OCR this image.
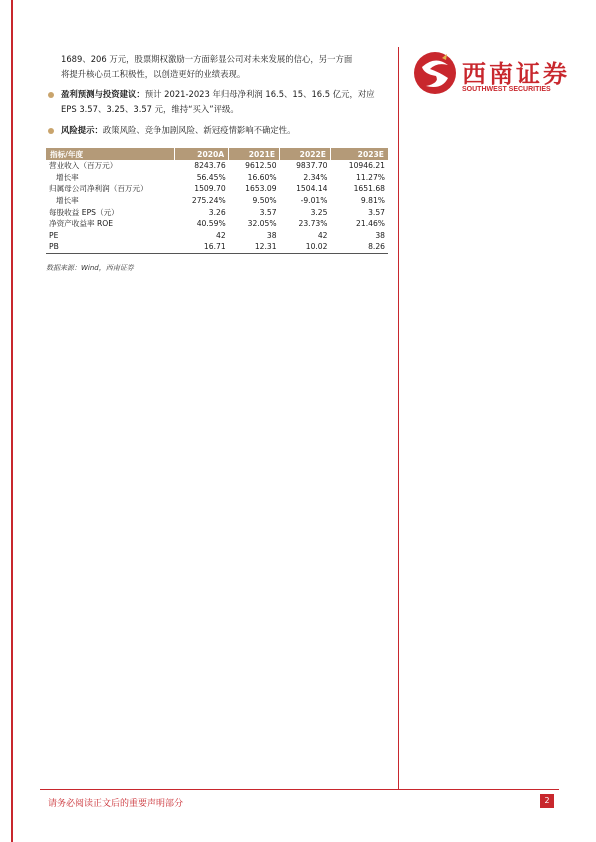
西南证券
SOUTHWEST SECURITIES
1689、206 万元，股票期权激励一方面彰显公司对未来发展的信心，另一方面
将提升核心员工积极性，以创造更好的业绩表现。
盈利预测与投资建议：预计 2021-2023 年归母净利润 16.5、15、16.5 亿元，对应 EPS 3.57、3.25、3.57 元，维持“买入”评级。
风险提示：政策风险、竞争加剧风险、新冠疫情影响不确定性。
指标/年度	2020A	2021E	2022E	2023E
营业收入（百万元）	8243.76	9612.50	9837.70	10946.21
增长率	56.45%	16.60%	2.34%	11.27%
归属母公司净利润（百万元）	1509.70	1653.09	1504.14	1651.68
增长率	275.24%	9.50%	-9.01%	9.81%
每股收益 EPS（元）	3.26	3.57	3.25	3.57
净资产收益率 ROE	40.59%	32.05%	23.73%	21.46%
PE	42	38	42	38
PB	16.71	12.31	10.02	8.26
数据来源：Wind，西南证券
请务必阅读正文后的重要声明部分	2
